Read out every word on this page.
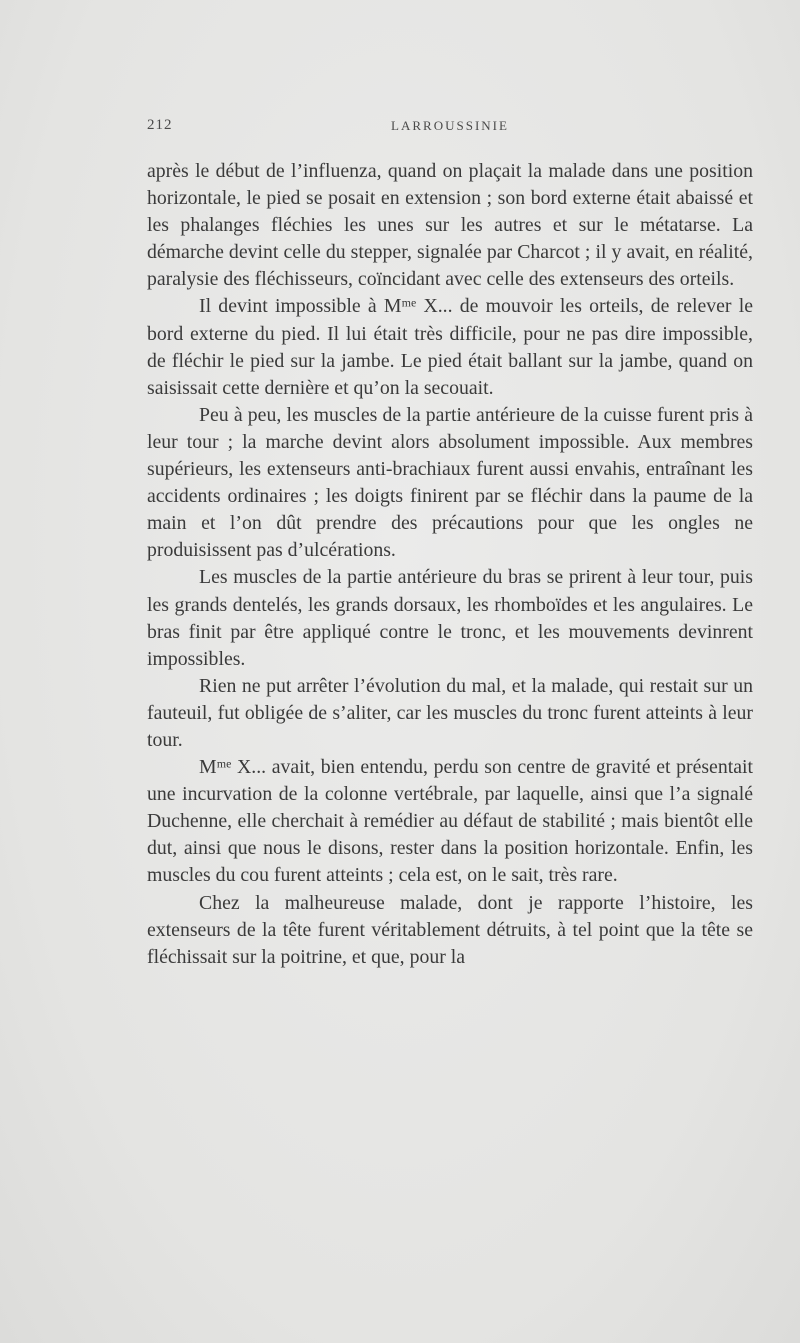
212	LARROUSSINIE

après le début de l’influenza, quand on plaçait la malade dans une position horizontale, le pied se posait en extension ; son bord externe était abaissé et les phalanges fléchies les unes sur les autres et sur le métatarse. La démarche devint celle du stepper, signalée par Charcot ; il y avait, en réalité, paralysie des fléchisseurs, coïncidant avec celle des extenseurs des orteils.

Il devint impossible à Mᵐᵉ X... de mouvoir les orteils, de relever le bord externe du pied. Il lui était très difficile, pour ne pas dire impossible, de fléchir le pied sur la jambe. Le pied était ballant sur la jambe, quand on saisissait cette dernière et qu’on la secouait.

Peu à peu, les muscles de la partie antérieure de la cuisse furent pris à leur tour ; la marche devint alors absolument impossible. Aux membres supérieurs, les extenseurs anti-brachiaux furent aussi envahis, entraînant les accidents ordinaires ; les doigts finirent par se fléchir dans la paume de la main et l’on dût prendre des précautions pour que les ongles ne produisissent pas d’ulcérations.

Les muscles de la partie antérieure du bras se prirent à leur tour, puis les grands dentelés, les grands dorsaux, les rhomboïdes et les angulaires. Le bras finit par être appliqué contre le tronc, et les mouvements devinrent impossibles.

Rien ne put arrêter l’évolution du mal, et la malade, qui restait sur un fauteuil, fut obligée de s’aliter, car les muscles du tronc furent atteints à leur tour.

Mᵐᵉ X... avait, bien entendu, perdu son centre de gravité et présentait une incurvation de la colonne vertébrale, par laquelle, ainsi que l’a signalé Duchenne, elle cherchait à remédier au défaut de stabilité ; mais bientôt elle dut, ainsi que nous le disons, rester dans la position horizontale. Enfin, les muscles du cou furent atteints ; cela est, on le sait, très rare.

Chez la malheureuse malade, dont je rapporte l’histoire, les extenseurs de la tête furent véritablement détruits, à tel point que la tête se fléchissait sur la poitrine, et que, pour la
